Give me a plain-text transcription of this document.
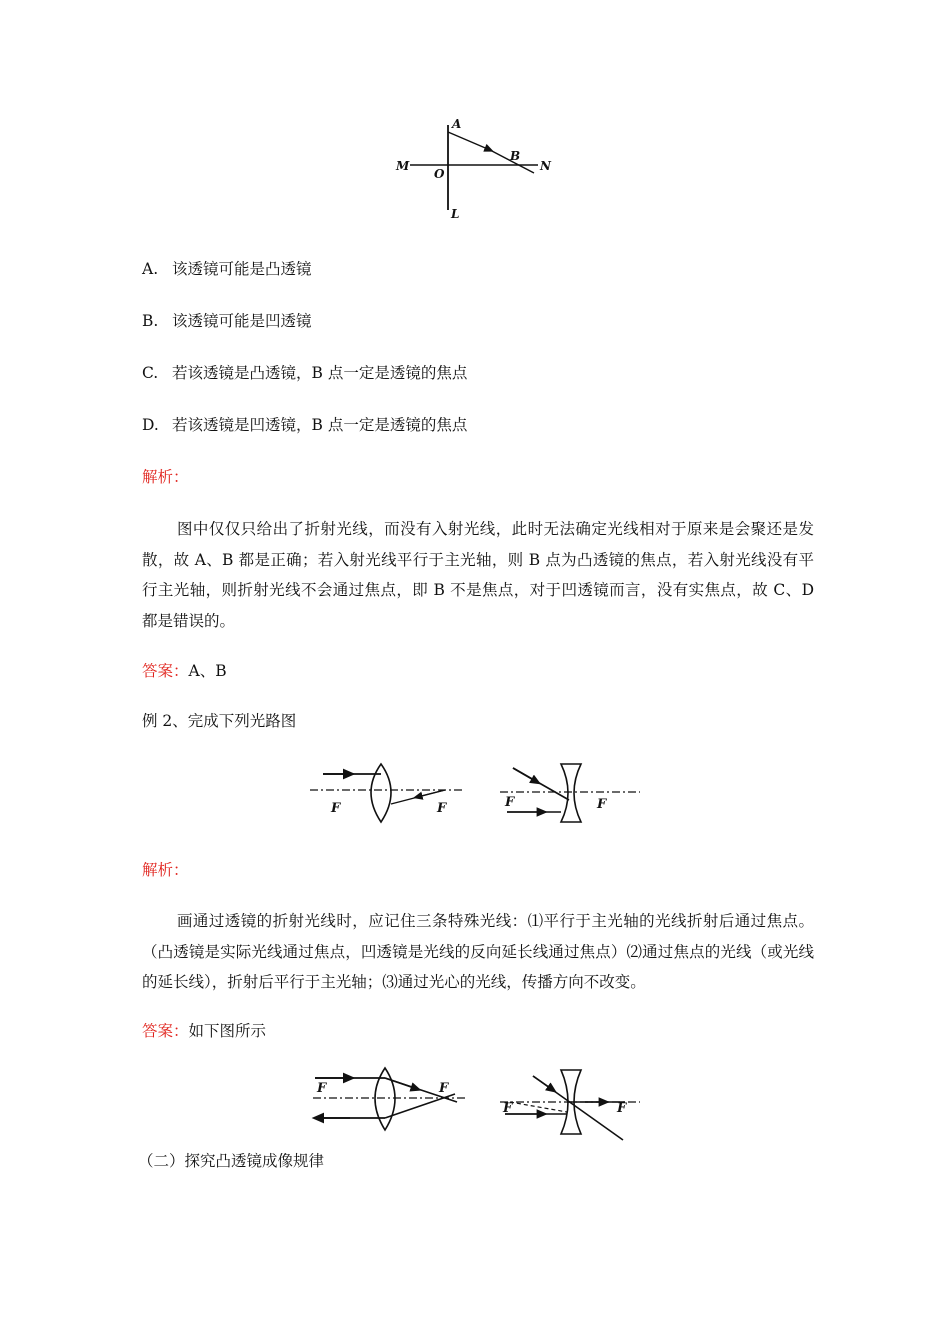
A
B
M	N
O
L
A. 该透镜可能是凸透镜
B. 该透镜可能是凹透镜
C. 若该透镜是凸透镜，B 点一定是透镜的焦点
D. 若该透镜是凹透镜，B 点一定是透镜的焦点
解析：
图中仅仅只给出了折射光线，而没有入射光线，此时无法确定光线相对于原来是会聚还是发散，故 A、B 都是正确；若入射光线平行于主光轴，则 B 点为凸透镜的焦点，若入射光线没有平行主光轴，则折射光线不会通过焦点，即 B 不是焦点，对于凹透镜而言，没有实焦点，故 C、D 都是错误的。
答案：A、B
例 2、完成下列光路图
F	F	F	F
解析：
画通过透镜的折射光线时，应记住三条特殊光线：⑴平行于主光轴的光线折射后通过焦点。（凸透镜是实际光线通过焦点，凹透镜是光线的反向延长线通过焦点）⑵通过焦点的光线（或光线的延长线），折射后平行于主光轴；⑶通过光心的光线，传播方向不改变。
答案：如下图所示
F	F
F	F
（二）探究凸透镜成像规律
